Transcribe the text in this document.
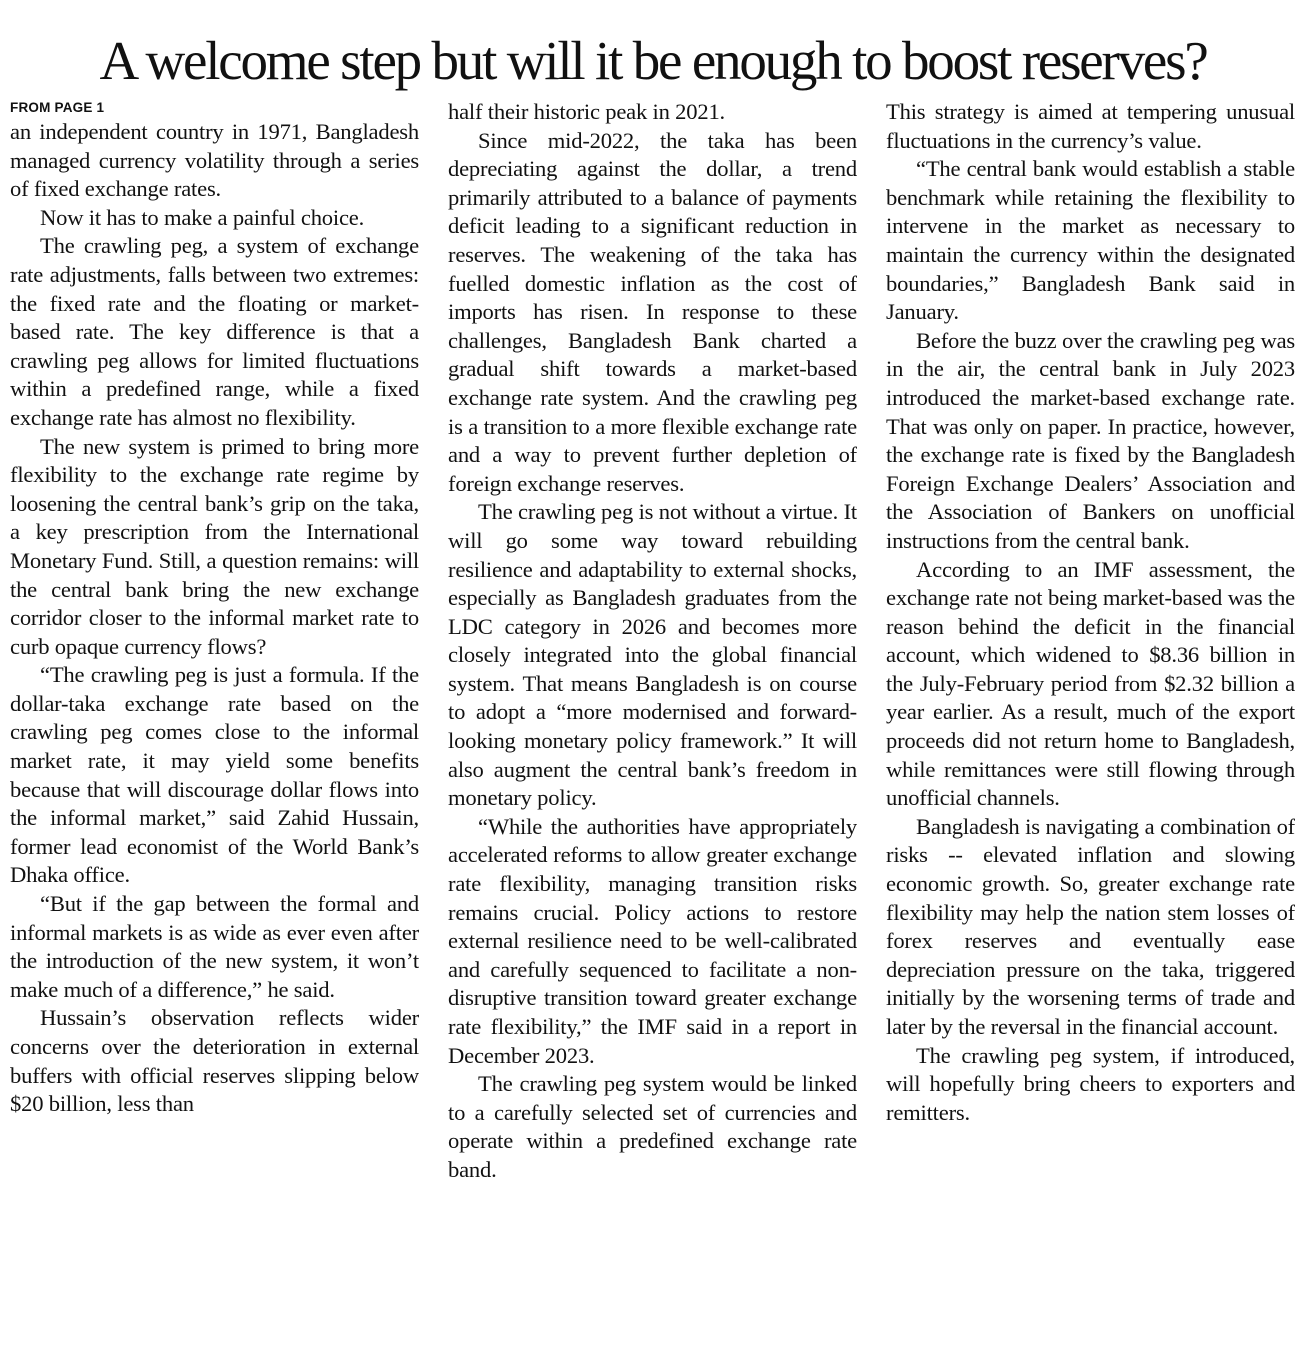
A welcome step but will it be enough to boost reserves?
FROM PAGE 1

an independent country in 1971, Bangladesh managed currency volatility through a series of fixed exchange rates.

Now it has to make a painful choice.

The crawling peg, a system of exchange rate adjustments, falls between two extremes: the fixed rate and the floating or market-based rate. The key difference is that a crawling peg allows for limited fluctuations within a predefined range, while a fixed exchange rate has almost no flexibility.

The new system is primed to bring more flexibility to the exchange rate regime by loosening the central bank’s grip on the taka, a key prescription from the International Monetary Fund. Still, a question remains: will the central bank bring the new exchange corridor closer to the informal market rate to curb opaque currency flows?

“The crawling peg is just a formula. If the dollar-taka exchange rate based on the crawling peg comes close to the informal market rate, it may yield some benefits because that will discourage dollar flows into the informal market,” said Zahid Hussain, former lead economist of the World Bank’s Dhaka office.

“But if the gap between the formal and informal markets is as wide as ever even after the introduction of the new system, it won’t make much of a difference,” he said.

Hussain’s observation reflects wider concerns over the deterioration in external buffers with official reserves slipping below $20 billion, less than

half their historic peak in 2021.

Since mid-2022, the taka has been depreciating against the dollar, a trend primarily attributed to a balance of payments deficit leading to a significant reduction in reserves. The weakening of the taka has fuelled domestic inflation as the cost of imports has risen. In response to these challenges, Bangladesh Bank charted a gradual shift towards a market-based exchange rate system. And the crawling peg is a transition to a more flexible exchange rate and a way to prevent further depletion of foreign exchange reserves.

The crawling peg is not without a virtue. It will go some way toward rebuilding resilience and adaptability to external shocks, especially as Bangladesh graduates from the LDC category in 2026 and becomes more closely integrated into the global financial system. That means Bangladesh is on course to adopt a “more modernised and forward-looking monetary policy framework.” It will also augment the central bank’s freedom in monetary policy.

“While the authorities have appropriately accelerated reforms to allow greater exchange rate flexibility, managing transition risks remains crucial. Policy actions to restore external resilience need to be well-calibrated and carefully sequenced to facilitate a non-disruptive transition toward greater exchange rate flexibility,” the IMF said in a report in December 2023.

The crawling peg system would be linked to a carefully selected set of currencies and operate within a predefined exchange rate band.

This strategy is aimed at tempering unusual fluctuations in the currency’s value.

“The central bank would establish a stable benchmark while retaining the flexibility to intervene in the market as necessary to maintain the currency within the designated boundaries,” Bangladesh Bank said in January.

Before the buzz over the crawling peg was in the air, the central bank in July 2023 introduced the market-based exchange rate. That was only on paper. In practice, however, the exchange rate is fixed by the Bangladesh Foreign Exchange Dealers’ Association and the Association of Bankers on unofficial instructions from the central bank.

According to an IMF assessment, the exchange rate not being market-based was the reason behind the deficit in the financial account, which widened to $8.36 billion in the July-February period from $2.32 billion a year earlier. As a result, much of the export proceeds did not return home to Bangladesh, while remittances were still flowing through unofficial channels.

Bangladesh is navigating a combination of risks -- elevated inflation and slowing economic growth. So, greater exchange rate flexibility may help the nation stem losses of forex reserves and eventually ease depreciation pressure on the taka, triggered initially by the worsening terms of trade and later by the reversal in the financial account.

The crawling peg system, if introduced, will hopefully bring cheers to exporters and remitters.
